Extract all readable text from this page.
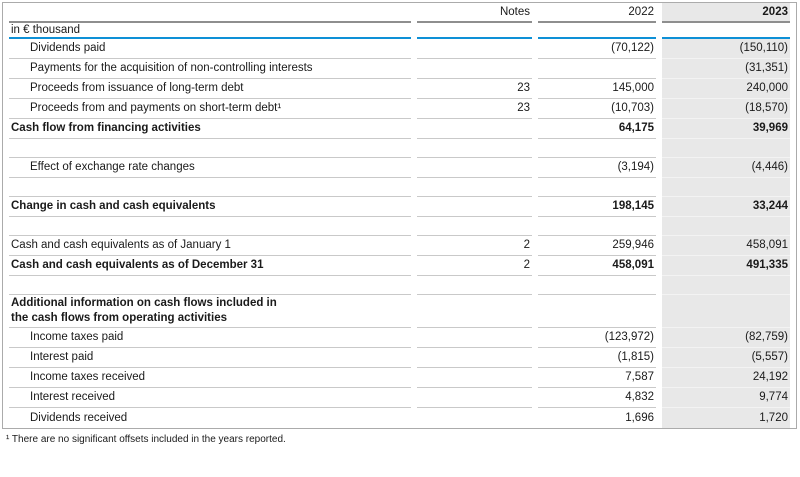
	Notes	2022	2023
in € thousand			

Dividends paid		(70,122)	(150,110)

Payments for the acquisition of non-controlling interests			(31,351)

Proceeds from issuance of long-term debt	23	145,000	240,000

Proceeds from and payments on short-term debt¹	23	(10,703)	(18,570)

Cash flow from financing activities		64,175	39,969

Effect of exchange rate changes		(3,194)	(4,446)

Change in cash and cash equivalents		198,145	33,244

Cash and cash equivalents as of January 1	2	259,946	458,091

Cash and cash equivalents as of December 31	2	458,091	491,335

Additional information on cash flows included in
the cash flows from operating activities			

Income taxes paid		(123,972)	(82,759)

Interest paid		(1,815)	(5,557)

Income taxes received		7,587	24,192

Interest received		4,832	9,774

Dividends received		1,696	1,720
¹ There are no significant offsets included in the years reported.
